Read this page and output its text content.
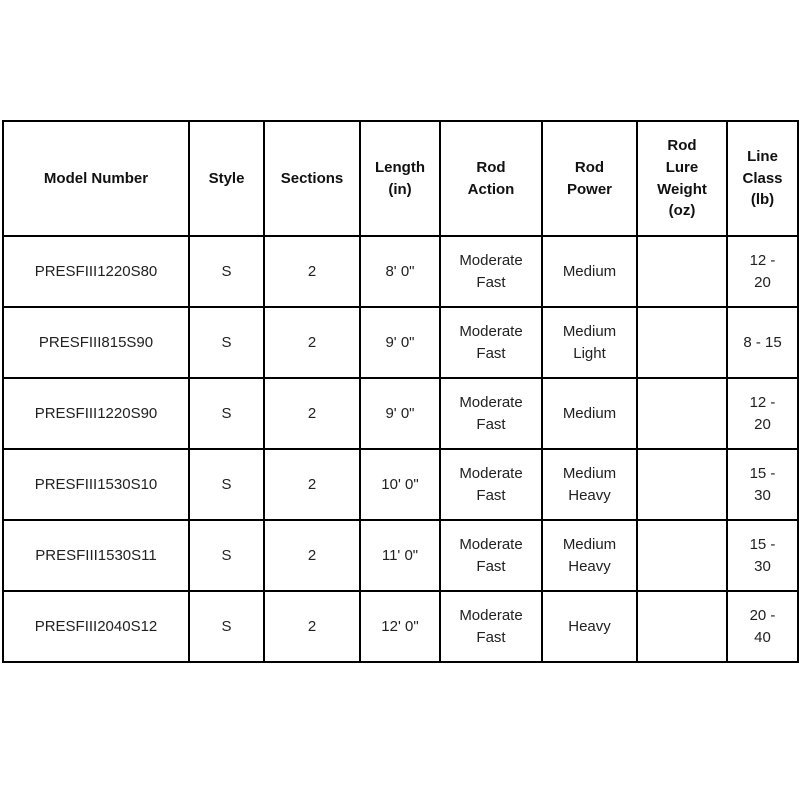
Model Number	Style	Sections	Length (in)	Rod Action	Rod Power	Rod Lure Weight (oz)	Line Class (lb)
PRESFIII1220S80	S	2	8' 0"	Moderate Fast	Medium		12 - 20
PRESFIII815S90	S	2	9' 0"	Moderate Fast	Medium Light		8 - 15
PRESFIII1220S90	S	2	9' 0"	Moderate Fast	Medium		12 - 20
PRESFIII1530S10	S	2	10' 0"	Moderate Fast	Medium Heavy		15 - 30
PRESFIII1530S11	S	2	11' 0"	Moderate Fast	Medium Heavy		15 - 30
PRESFIII2040S12	S	2	12' 0"	Moderate Fast	Heavy		20 - 40
